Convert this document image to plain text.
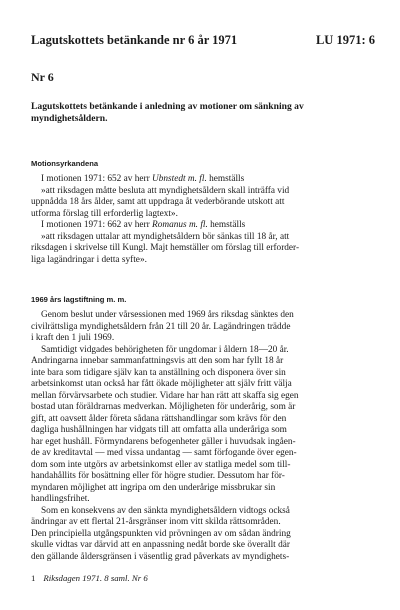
Lagutskottets betänkande nr 6 år 1971	LU 1971: 6
Nr 6
Lagutskottets betänkande i anledning av motioner om sänkning av
myndighetsåldern.
Motionsyrkandena
I motionen 1971: 652 av herr Ubnstedt m. fl. hemställs
»att riksdagen måtte besluta att myndighetsåldern skall inträffa vid
uppnådda 18 års ålder, samt att uppdraga åt vederbörande utskott att
utforma förslag till erforderlig lagtext».
I motionen 1971: 662 av herr Romanus m. fl. hemställs
»att riksdagen uttalar att myndighetsåldern bör sänkas till 18 år, att
riksdagen i skrivelse till Kungl. Majt hemställer om förslag till erforder-
liga lagändringar i detta syfte».
1969 års lagstiftning m. m.
Genom beslut under vårsessionen med 1969 års riksdag sänktes den
civilrättsliga myndighetsåldern från 21 till 20 år. Lagändringen trädde
i kraft den 1 juli 1969.
Samtidigt vidgades behörigheten för ungdomar i åldern 18—20 år.
Ändringarna innebar sammanfattningsvis att den som har fyllt 18 år
inte bara som tidigare själv kan ta anställning och disponera över sin
arbetsinkomst utan också har fått ökade möjligheter att själv fritt välja
mellan förvärvsarbete och studier. Vidare har han rätt att skaffa sig egen
bostad utan föräldrarnas medverkan. Möjligheten för underårig, som är
gift, att oavsett ålder företa sådana rättshandlingar som krävs för den
dagliga hushållningen har vidgats till att omfatta alla underåriga som
har eget hushåll. Förmyndarens befogenheter gäller i huvudsak ingåen-
de av kreditavtal — med vissa undantag — samt förfogande över egen-
dom som inte utgörs av arbetsinkomst eller av statliga medel som till-
handahållits för bosättning eller för högre studier. Dessutom har för-
myndaren möjlighet att ingripa om den underårige missbrukar sin
handlingsfrihet.
Som en konsekvens av den sänkta myndighetsåldern vidtogs också
ändringar av ett flertal 21-årsgränser inom vitt skilda rättsområden.
Den principiella utgångspunkten vid prövningen av om sådan ändring
skulle vidtas var därvid att en anpassning nedåt borde ske överallt där
den gällande åldersgränsen i väsentlig grad påverkats av myndighets-
1 Riksdagen 1971. 8 saml. Nr 6
